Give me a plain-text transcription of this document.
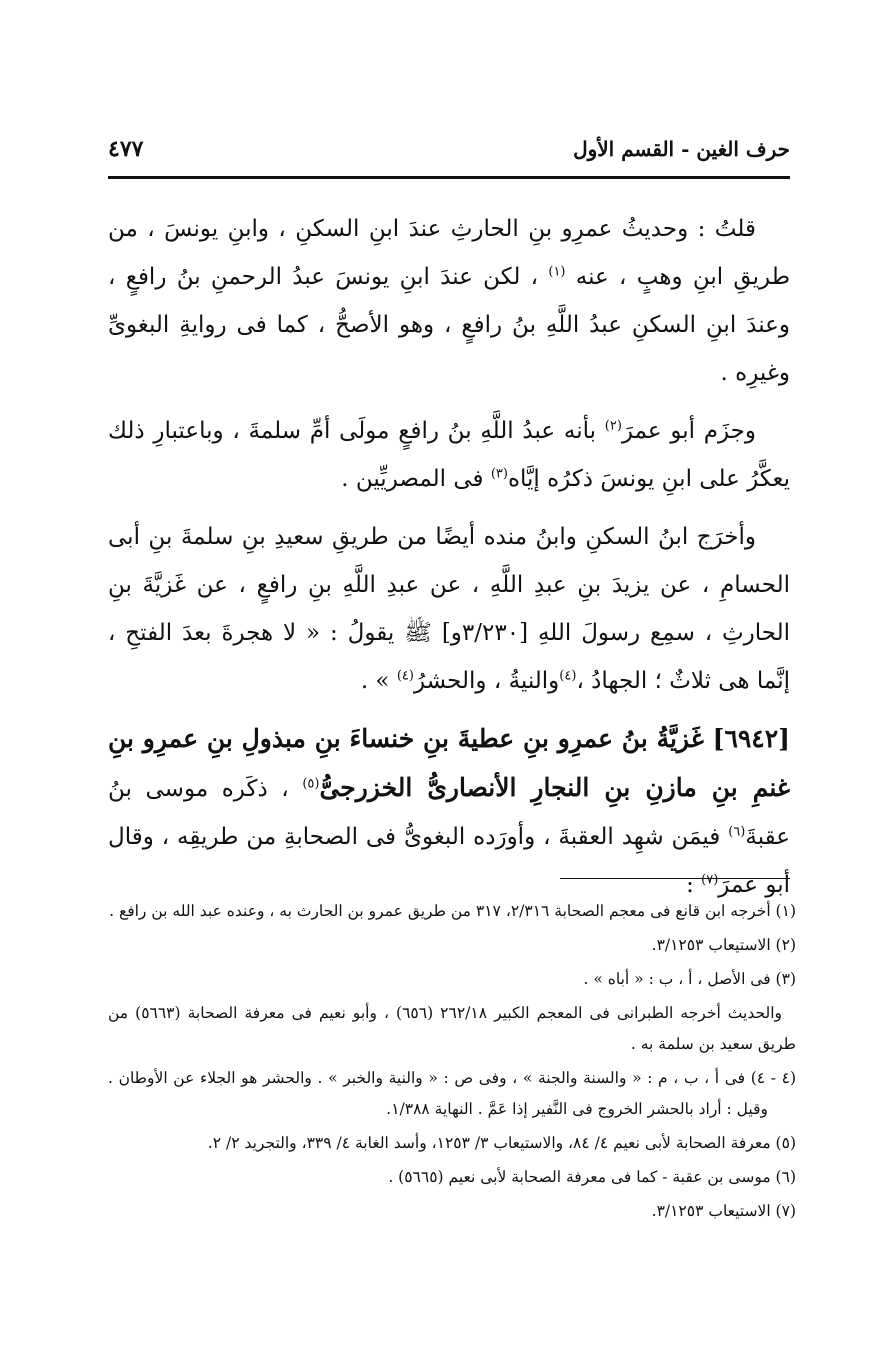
حرف الغين - القسم الأول
٤٧٧

قلتُ : وحديثُ عمرِو بنِ الحارثِ عندَ ابنِ السكنِ ، وابنِ يونسَ ، من طريقِ ابنِ وهبٍ ، عنه $^{(١)}$ ، لكن عندَ ابنِ يونسَ عبدُ الرحمنِ بنُ رافعٍ ، وعندَ ابنِ السكنِ عبدُ اللَّهِ بنُ رافعٍ ، وهو الأصحُّ ، كما فى روايةِ البغوىِّ وغيرِه .

وجزَم أبو عمرَ$^{(٢)}$ بأنه عبدُ اللَّهِ بنُ رافعٍ مولَى أمِّ سلمةَ ، وباعتبارِ ذلك يعكَّرُ على ابنِ يونسَ ذكرُه إيَّاه$^{(٣)}$ فى المصريِّين .

وأخرَج ابنُ السكنِ وابنُ منده أيضًا من طريقِ سعيدِ بنِ سلمةَ بنِ أبى الحسامِ ، عن يزيدَ بنِ عبدِ اللَّهِ ، عن عبدِ اللَّهِ بنِ رافعٍ ، عن غَزيَّةَ بنِ الحارثِ ، سمِع رسولَ اللهِ [٣/٢٣٠و] ﷺ يقولُ : « لا هجرةَ بعدَ الفتحِ ، إنَّما هى ثلاثٌ ؛ الجهادُ ،$^{(٤)}$والنيةُ ، والحشرُ$^{(٤)}$ » .

[٦٩٤٢] غَزيَّةُ بنُ عمرِو بنِ عطيةَ بنِ خنساءَ بنِ مبذولِ بنِ عمرِو بنِ غنمِ بنِ مازنِ بنِ النجارِ الأنصارىُّ الخزرجىُّ$^{(٥)}$ ، ذكَره موسى بنُ عقبةَ$^{(٦)}$ فيمَن شهِد العقبةَ ، وأورَده البغوىُّ فى الصحابةِ من طريقِه ، وقال أبو عمرَ$^{(٧)}$ :

(١) أخرجه ابن قانع فى معجم الصحابة ٢/٣١٦، ٣١٧ من طريق عمرو بن الحارث به ، وعنده عبد الله بن رافع .

(٢) الاستيعاب ٣/١٢٥٣.

(٣) فى الأصل ، أ ، ب : « أباه » .

والحديث أخرجه الطبرانى فى المعجم الكبير ٢٦٢/١٨ (٦٥٦) ، وأبو نعيم فى معرفة الصحابة (٥٦٦٣) من طريق سعيد بن سلمة به .

(٤ - ٤) فى أ ، ب ، م : « والسنة والجنة » ، وفى ص : « والنية والخبر » . والحشر هو الجلاء عن الأوطان . وقيل : أراد بالحشر الخروج فى النَّفير إذا عَمَّ . النهاية ١/٣٨٨.

(٥) معرفة الصحابة لأبى نعيم ٤/ ٨٤، والاستيعاب ٣/ ١٢٥٣، وأسد الغابة ٤/ ٣٣٩، والتجريد ٢/ ٢.

(٦) موسى بن عقبة - كما فى معرفة الصحابة لأبى نعيم (٥٦٦٥) .

(٧) الاستيعاب ٣/١٢٥٣.
